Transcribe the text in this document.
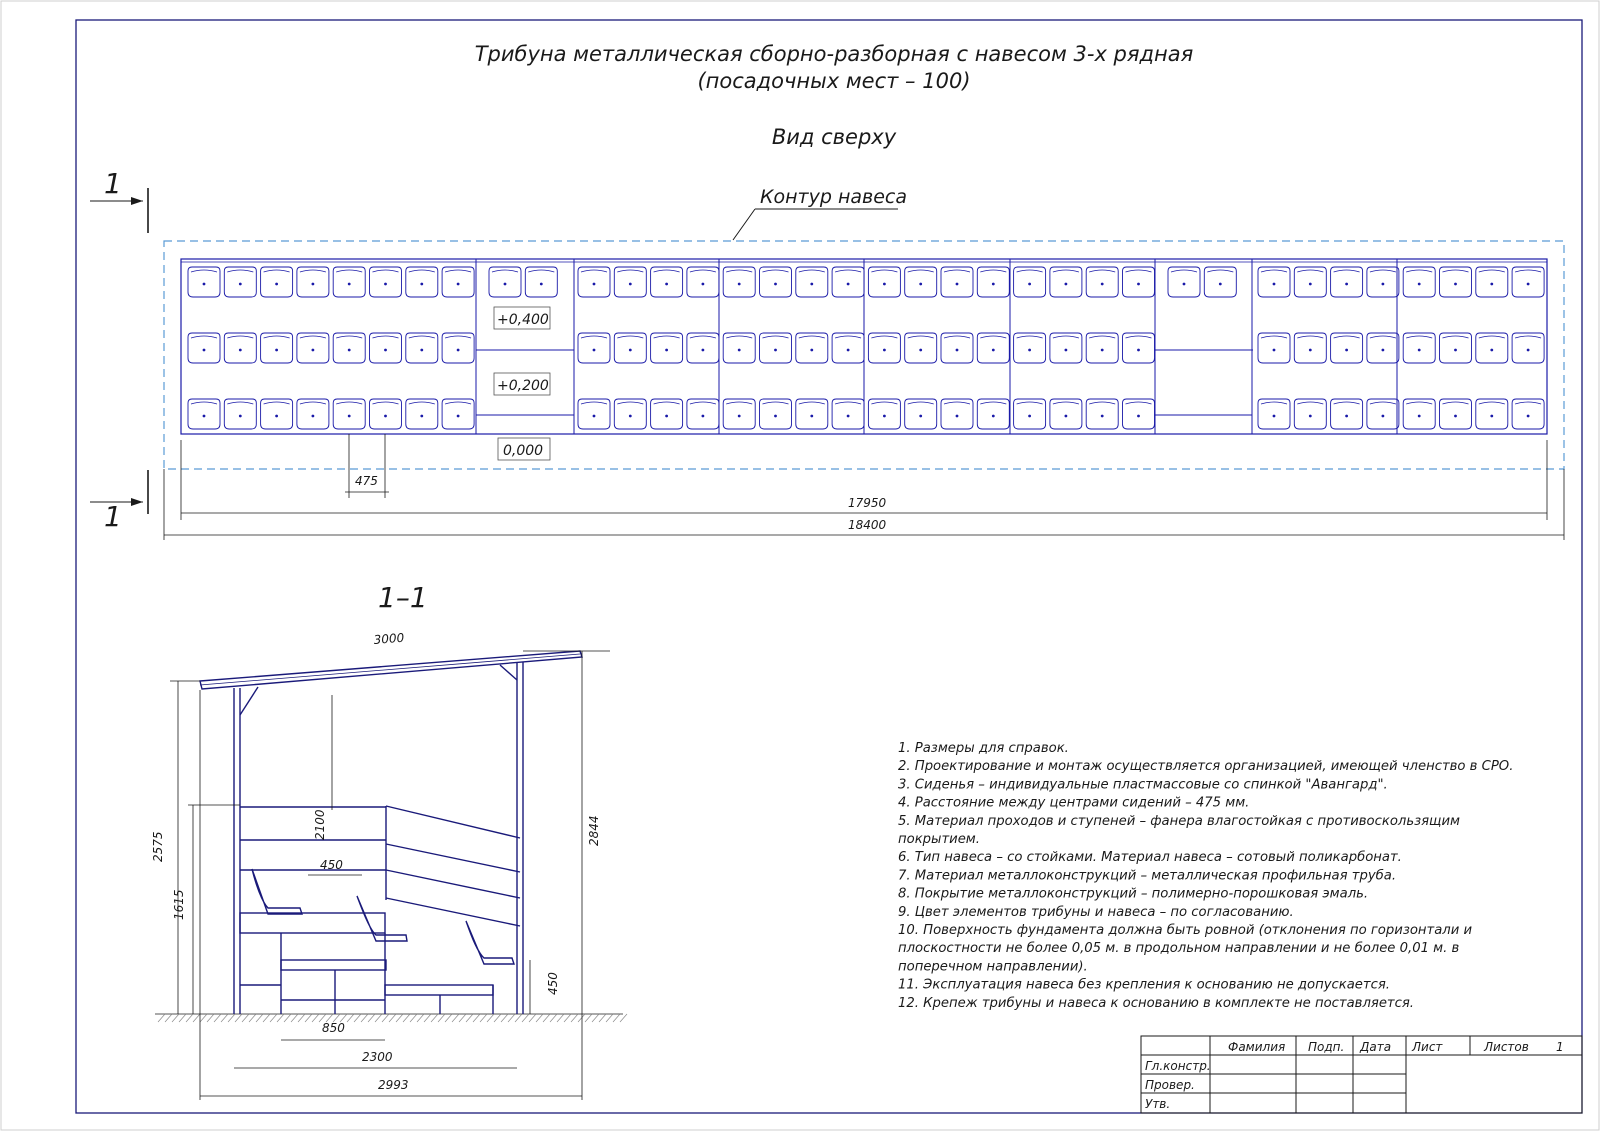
Трибуна металлическая сборно-разборная с навесом 3-х рядная
(посадочных мест – 100)
Вид сверху
1
1
Контур навеса
+0,400
+0,200
0,000
475
17950
18400
1–1
3000
2575
2844
2100
1615
450
450
850
2300
2993
1. Размеры для справок.
2. Проектирование и монтаж осуществляется организацией, имеющей членство в СРО.
3. Сиденья – индивидуальные пластмассовые со спинкой "Авангард".
4. Расстояние между центрами сидений – 475 мм.
5. Материал проходов и ступеней – фанера влагостойкая с противоскользящим
покрытием.
6. Тип навеса – со стойками. Материал навеса – сотовый поликарбонат.
7. Материал металлоконструкций – металлическая профильная труба.
8. Покрытие металлоконструкций – полимерно-порошковая эмаль.
9. Цвет элементов трибуны и навеса – по согласованию.
10. Поверхность фундамента должна быть ровной (отклонения по горизонтали и
плоскостности не более 0,05 м. в продольном направлении и не более 0,01 м. в
поперечном направлении).
11. Эксплуатация навеса без крепления к основанию не допускается.
12. Крепеж трибуны и навеса к основанию в комплекте не поставляется.
Фамилия Подп. Дата Лист	Листов 1
Гл.констр.
Провер.
Утв.
